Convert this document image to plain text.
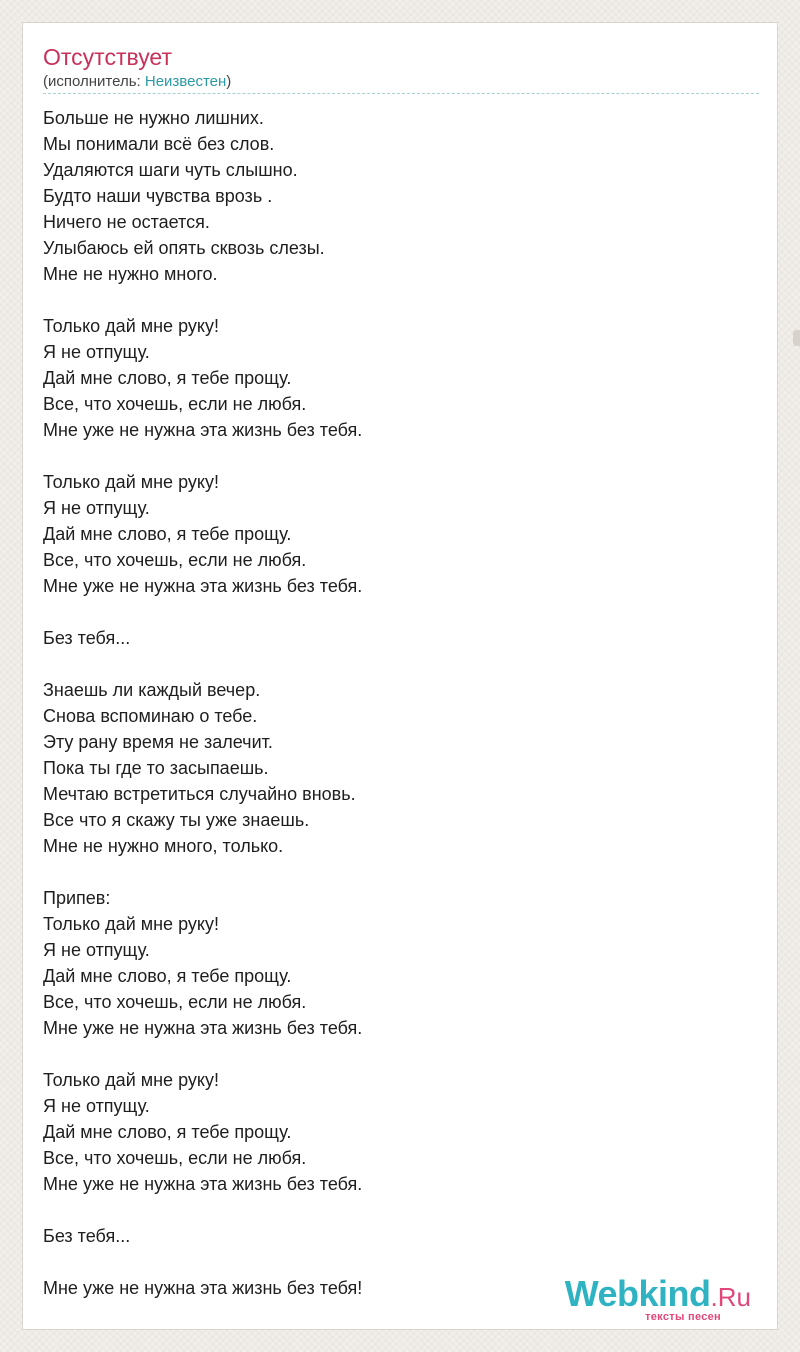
Отсутствует
(исполнитель: Неизвестен)
Больше не нужно лишних.
Мы понимали всё без слов.
Удаляются шаги чуть слышно.
Будто наши чувства врозь .
Ничего не остается.
Улыбаюсь ей опять сквозь слезы.
Мне не нужно много.
Только дай мне руку!
Я не отпущу.
Дай мне слово, я тебе прощу.
Все, что хочешь, если не любя.
Мне уже не нужна эта жизнь без тебя.
Только дай мне руку!
Я не отпущу.
Дай мне слово, я тебе прощу.
Все, что хочешь, если не любя.
Мне уже не нужна эта жизнь без тебя.
Без тебя...
Знаешь ли каждый вечер.
Снова вспоминаю о тебе.
Эту рану время не залечит.
Пока ты где то засыпаешь.
Мечтаю встретиться случайно вновь.
Все что я скажу ты уже знаешь.
Мне не нужно много, только.
Припев:
Только дай мне руку!
Я не отпущу.
Дай мне слово, я тебе прощу.
Все, что хочешь, если не любя.
Мне уже не нужна эта жизнь без тебя.
Только дай мне руку!
Я не отпущу.
Дай мне слово, я тебе прощу.
Все, что хочешь, если не любя.
Мне уже не нужна эта жизнь без тебя.
Без тебя...
Мне уже не нужна эта жизнь без тебя!	Webkind.Ru
тексты песен
